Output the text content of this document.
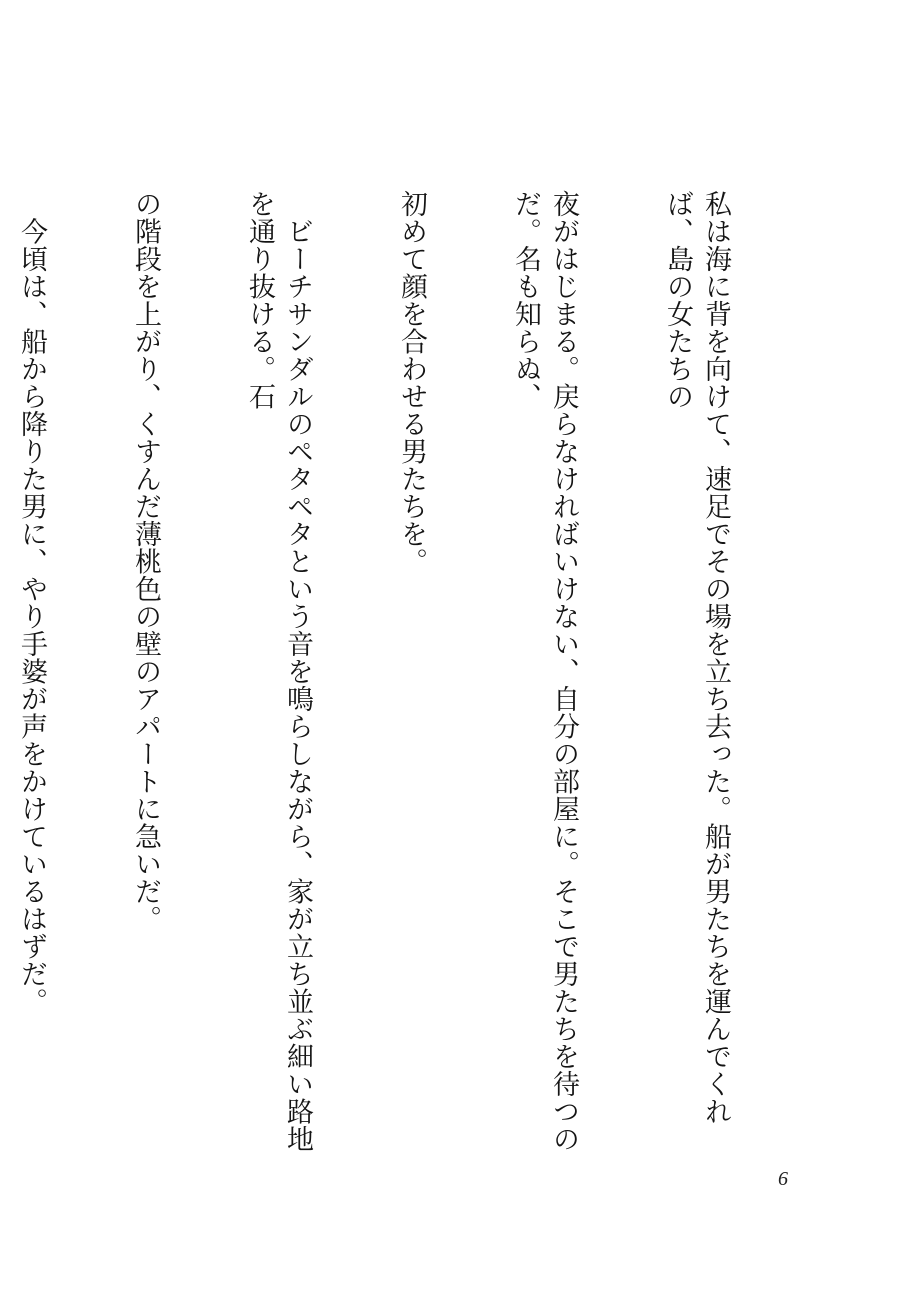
私は海に背を向けて、速足でその場を立ち去った。船が男たちを運んでくれば、島の女たちの

夜がはじまる。戻らなければいけない、自分の部屋に。そこで男たちを待つのだ。名も知らぬ、

初めて顔を合わせる男たちを。

　ビーチサンダルのペタペタという音を鳴らしながら、家が立ち並ぶ細い路地を通り抜ける。石

の階段を上がり、くすんだ薄桃色の壁のアパートに急いだ。

　今頃は、船から降りた男に、やり手婆が声をかけているはずだ。

6
